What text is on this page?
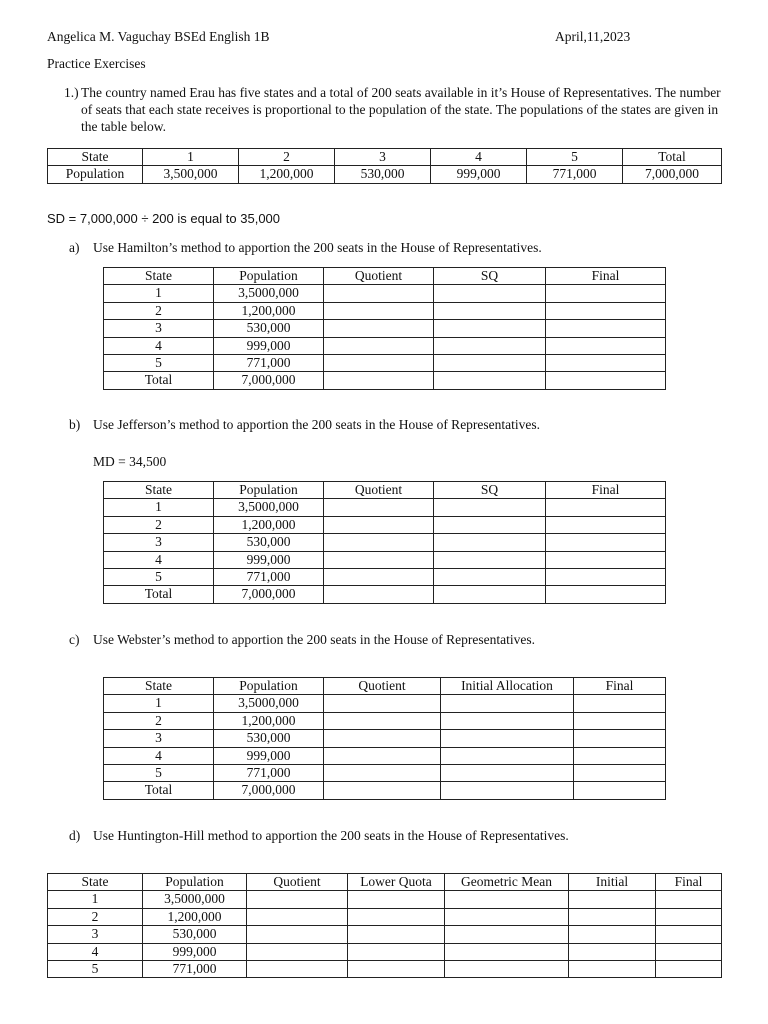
Angelica M. Vaguchay BSEd English 1B	April,11,2023
Practice Exercises
1.) The country named Erau has five states and a total of 200 seats available in it’s House of Representatives. The number of seats that each state receives is proportional to the population of the state. The populations of the states are given in the table below.
State	1	2	3	4	5	Total
Population	3,500,000	1,200,000	530,000	999,000	771,000	7,000,000
SD = 7,000,000 ÷ 200 is equal to 35,000
a) Use Hamilton’s method to apportion the 200 seats in the House of Representatives.
State	Population	Quotient	SQ	Final
1	3,5000,000			
2	1,200,000			
3	530,000			
4	999,000			
5	771,000			
Total	7,000,000			
b) Use Jefferson’s method to apportion the 200 seats in the House of Representatives.
MD = 34,500
State	Population	Quotient	SQ	Final
1	3,5000,000			
2	1,200,000			
3	530,000			
4	999,000			
5	771,000			
Total	7,000,000			
c) Use Webster’s method to apportion the 200 seats in the House of Representatives.
State	Population	Quotient	Initial Allocation	Final
1	3,5000,000			
2	1,200,000			
3	530,000			
4	999,000			
5	771,000			
Total	7,000,000			
d) Use Huntington-Hill method to apportion the 200 seats in the House of Representatives.
State	Population	Quotient	Lower Quota	Geometric Mean	Initial	Final
1	3,5000,000					
2	1,200,000					
3	530,000					
4	999,000					
5	771,000					
